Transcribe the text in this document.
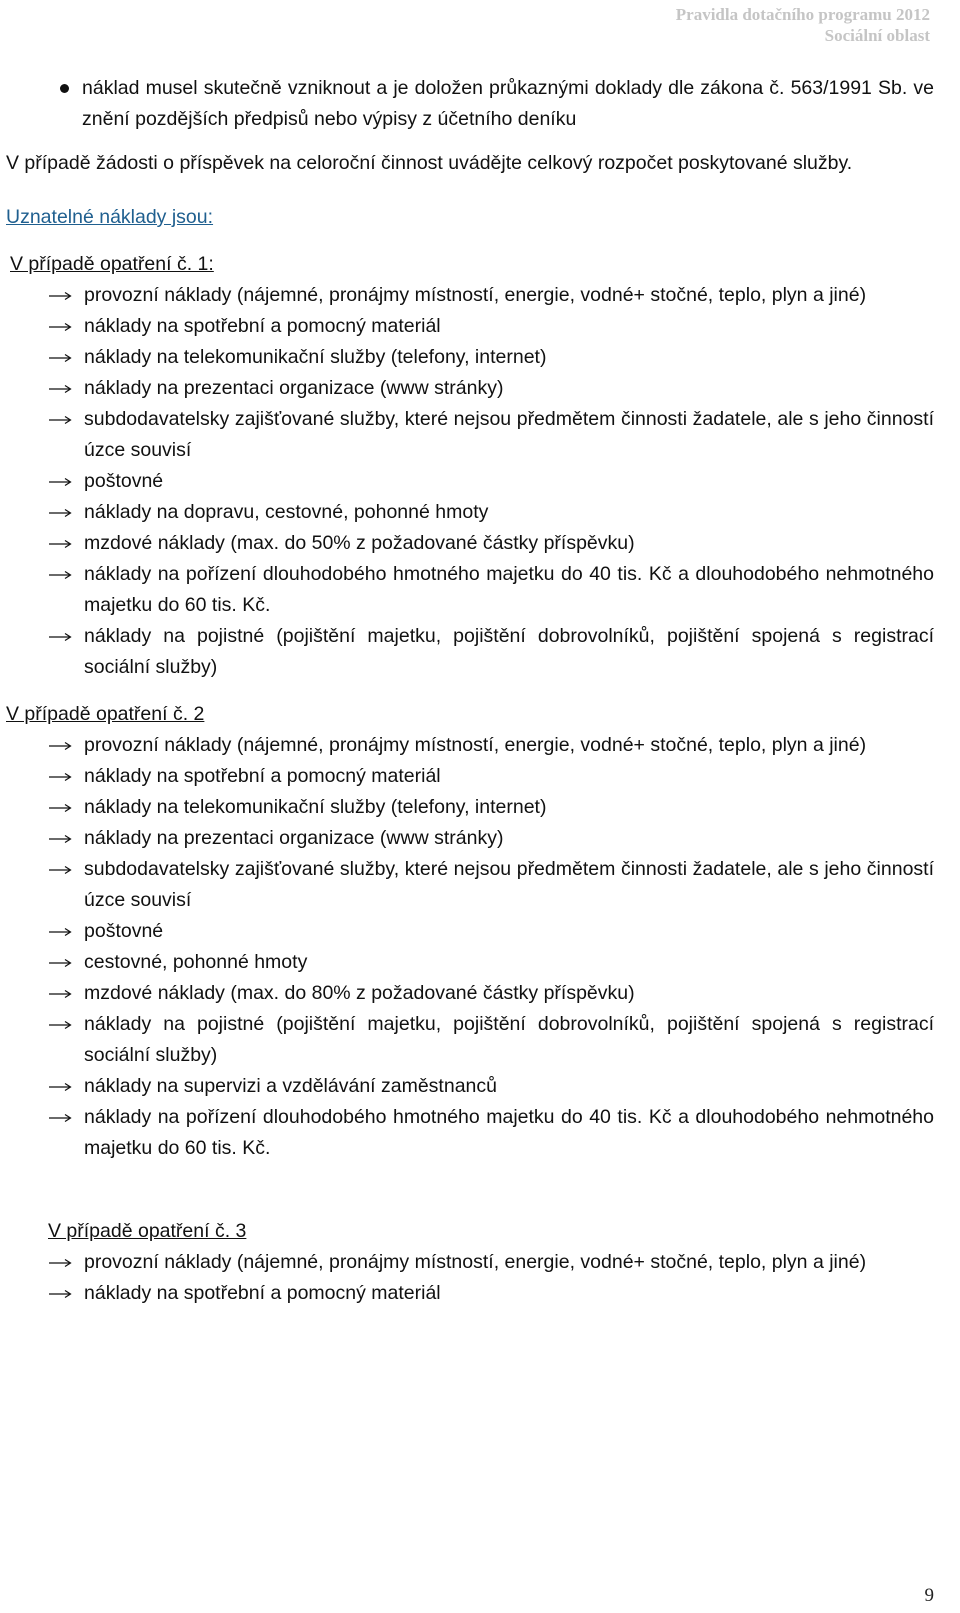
Pravidla dotačního programu 2012
Sociální oblast
náklad musel skutečně vzniknout a je doložen průkaznými doklady dle zákona č. 563/1991 Sb. ve znění pozdějších předpisů nebo výpisy z účetního deníku
V případě žádosti o příspěvek na celoroční činnost uvádějte celkový rozpočet poskytované služby.
Uznatelné náklady jsou:
V případě opatření č. 1:
provozní náklady (nájemné, pronájmy místností, energie, vodné+ stočné, teplo, plyn a jiné)
náklady na spotřební a pomocný materiál
náklady na telekomunikační služby (telefony, internet)
náklady na prezentaci organizace (www stránky)
subdodavatelsky zajišťované služby, které nejsou předmětem činnosti žadatele, ale s jeho činností úzce souvisí
poštovné
náklady na dopravu, cestovné, pohonné hmoty
mzdové náklady (max. do 50% z požadované částky příspěvku)
náklady na pořízení dlouhodobého hmotného majetku do 40 tis. Kč a dlouhodobého nehmotného majetku do 60 tis. Kč.
náklady na pojistné (pojištění majetku, pojištění dobrovolníků, pojištění spojená s registrací sociální služby)
V případě opatření č. 2
provozní náklady (nájemné, pronájmy místností, energie, vodné+ stočné, teplo, plyn a jiné)
náklady na spotřební a pomocný materiál
náklady na telekomunikační služby (telefony, internet)
náklady na prezentaci organizace (www stránky)
subdodavatelsky zajišťované služby, které nejsou předmětem činnosti žadatele, ale s jeho činností úzce souvisí
poštovné
cestovné, pohonné hmoty
mzdové náklady (max. do 80% z požadované částky příspěvku)
náklady na pojistné (pojištění majetku, pojištění dobrovolníků, pojištění spojená s registrací sociální služby)
náklady na supervizi a vzdělávání zaměstnanců
náklady na pořízení dlouhodobého hmotného majetku do 40 tis. Kč a dlouhodobého nehmotného majetku do 60 tis. Kč.
V případě opatření č. 3
provozní náklady (nájemné, pronájmy místností, energie, vodné+ stočné, teplo, plyn a jiné)
náklady na spotřební a pomocný materiál
9
